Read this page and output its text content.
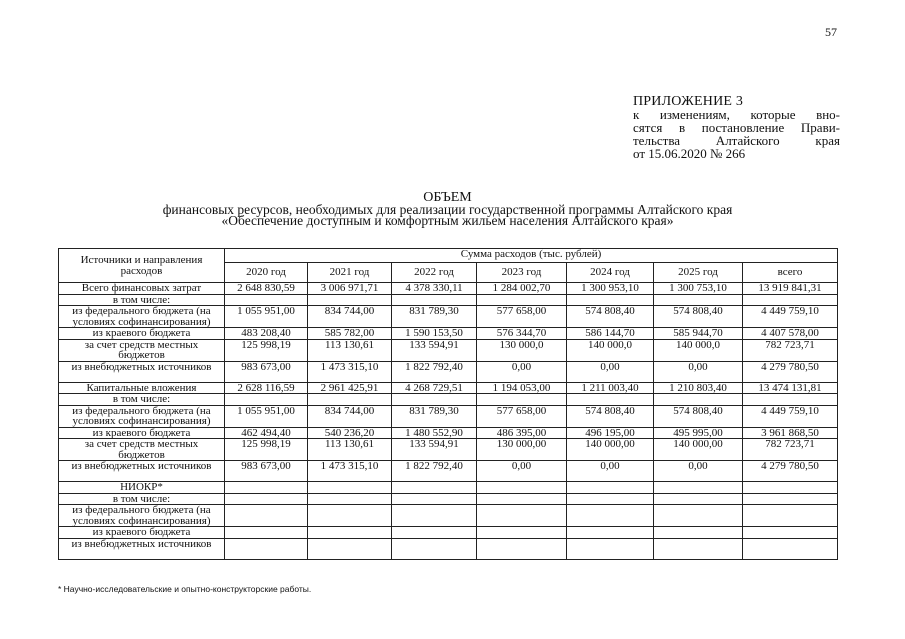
57
ПРИЛОЖЕНИЕ 3
к изменениям, которые вно-
сятся в постановление Прави-
тельства Алтайского края
от 15.06.2020 № 266
ОБЪЕМ
финансовых ресурсов, необходимых для реализации государственной программы Алтайского края
«Обеспечение доступным и комфортным жильем населения Алтайского края»
Источники и направления расходов	Сумма расходов (тыс. рублей)						
	2020 год	2021 год	2022 год	2023 год	2024 год	2025 год	всего
Всего финансовых затрат	2 648 830,59	3 006 971,71	4 378 330,11	1 284 002,70	1 300 953,10	1 300 753,10	13 919 841,31
в том числе:							
из федерального бюджета (на условиях софинансирования)	1 055 951,00	834 744,00	831 789,30	577 658,00	574 808,40	574 808,40	4 449 759,10
из краевого бюджета	483 208,40	585 782,00	1 590 153,50	576 344,70	586 144,70	585 944,70	4 407 578,00
за счет средств местных бюджетов	125 998,19	113 130,61	133 594,91	130 000,0	140 000,0	140 000,0	782 723,71
из внебюджетных источников	983 673,00	1 473 315,10	1 822 792,40	0,00	0,00	0,00	4 279 780,50
Капитальные вложения	2 628 116,59	2 961 425,91	4 268 729,51	1 194 053,00	1 211 003,40	1 210 803,40	13 474 131,81
в том числе:							
из федерального бюджета (на условиях софинансирования)	1 055 951,00	834 744,00	831 789,30	577 658,00	574 808,40	574 808,40	4 449 759,10
из краевого бюджета	462 494,40	540 236,20	1 480 552,90	486 395,00	496 195,00	495 995,00	3 961 868,50
за счет средств местных бюджетов	125 998,19	113 130,61	133 594,91	130 000,00	140 000,00	140 000,00	782 723,71
из внебюджетных источников	983 673,00	1 473 315,10	1 822 792,40	0,00	0,00	0,00	4 279 780,50
НИОКР*							
в том числе:							
из федерального бюджета (на условиях софинансирования)							
из краевого бюджета							
из внебюджетных источников							
* Научно-исследовательские и опытно-конструкторские работы.
